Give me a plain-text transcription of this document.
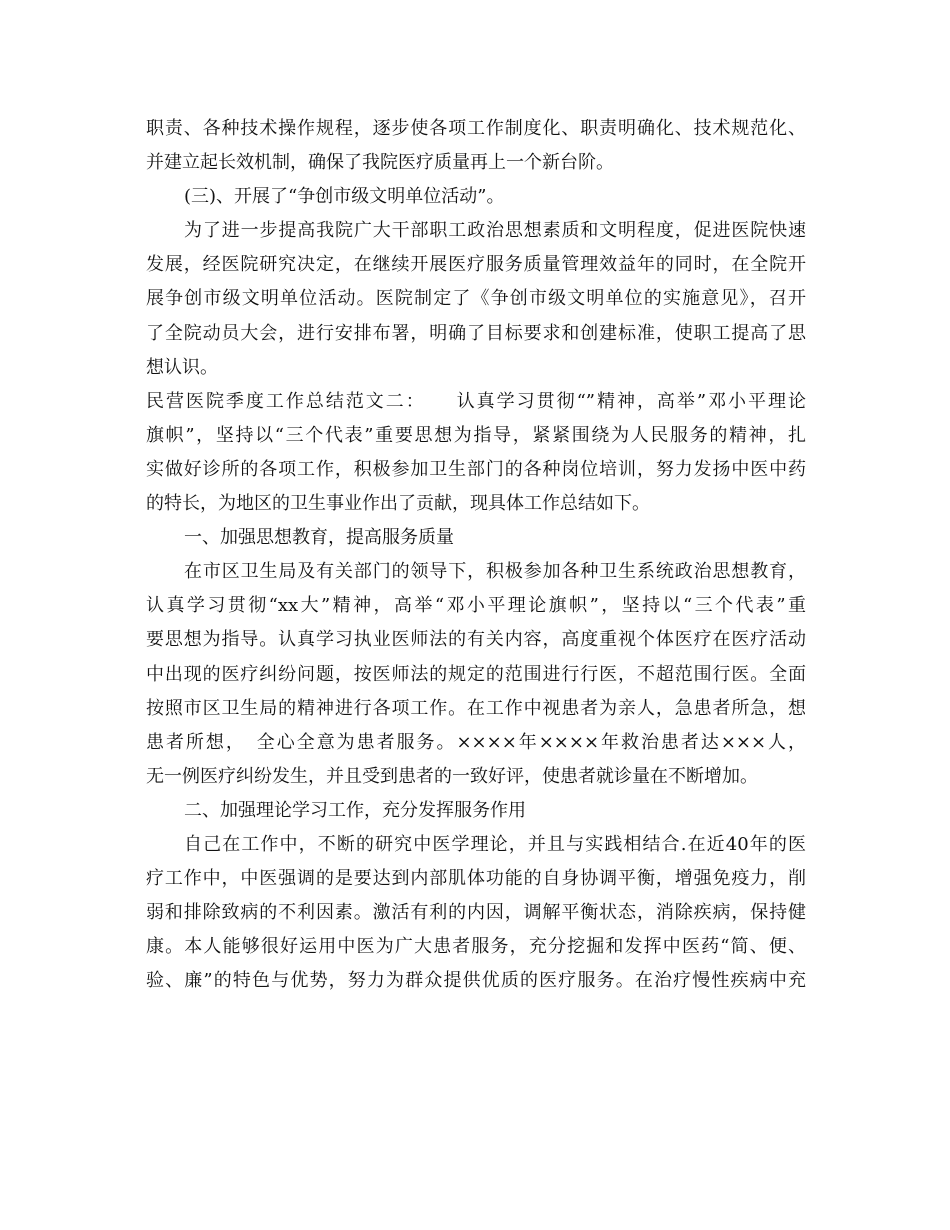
职责、各种技术操作规程，逐步使各项工作制度化、职责明确化、技术规范化、
并建立起长效机制，确保了我院医疗质量再上一个新台阶。
(三)、开展了“争创市级文明单位活动”。
为了进一步提高我院广大干部职工政治思想素质和文明程度，促进医院快速
发展，经医院研究决定，在继续开展医疗服务质量管理效益年的同时，在全院开
展争创市级文明单位活动。医院制定了《争创市级文明单位的实施意见》，召开
了全院动员大会，进行安排布署，明确了目标要求和创建标准，使职工提高了思
想认识。
民营医院季度工作总结范文二：　　认真学习贯彻“”精神，高举”邓小平理论
旗帜”，坚持以“三个代表”重要思想为指导，紧紧围绕为人民服务的精神，扎
实做好诊所的各项工作，积极参加卫生部门的各种岗位培训，努力发扬中医中药
的特长，为地区的卫生事业作出了贡献，现具体工作总结如下。
一、加强思想教育，提高服务质量
在市区卫生局及有关部门的领导下，积极参加各种卫生系统政治思想教育，
认真学习贯彻“xx大”精神，高举“邓小平理论旗帜”，坚持以“三个代表”重
要思想为指导。认真学习执业医师法的有关内容，高度重视个体医疗在医疗活动
中出现的医疗纠纷问题，按医师法的规定的范围进行行医，不超范围行医。全面
按照市区卫生局的精神进行各项工作。在工作中视患者为亲人，急患者所急，想
患者所想，　全心全意为患者服务。××××年××××年救治患者达×××人，
无一例医疗纠纷发生，并且受到患者的一致好评，使患者就诊量在不断增加。
二、加强理论学习工作，充分发挥服务作用
自己在工作中，不断的研究中医学理论，并且与实践相结合.在近40年的医
疗工作中，中医强调的是要达到内部肌体功能的自身协调平衡，增强免疫力，削
弱和排除致病的不利因素。激活有利的内因，调解平衡状态，消除疾病，保持健
康。本人能够很好运用中医为广大患者服务，充分挖掘和发挥中医药“简、便、
验、廉”的特色与优势，努力为群众提供优质的医疗服务。在治疗慢性疾病中充
